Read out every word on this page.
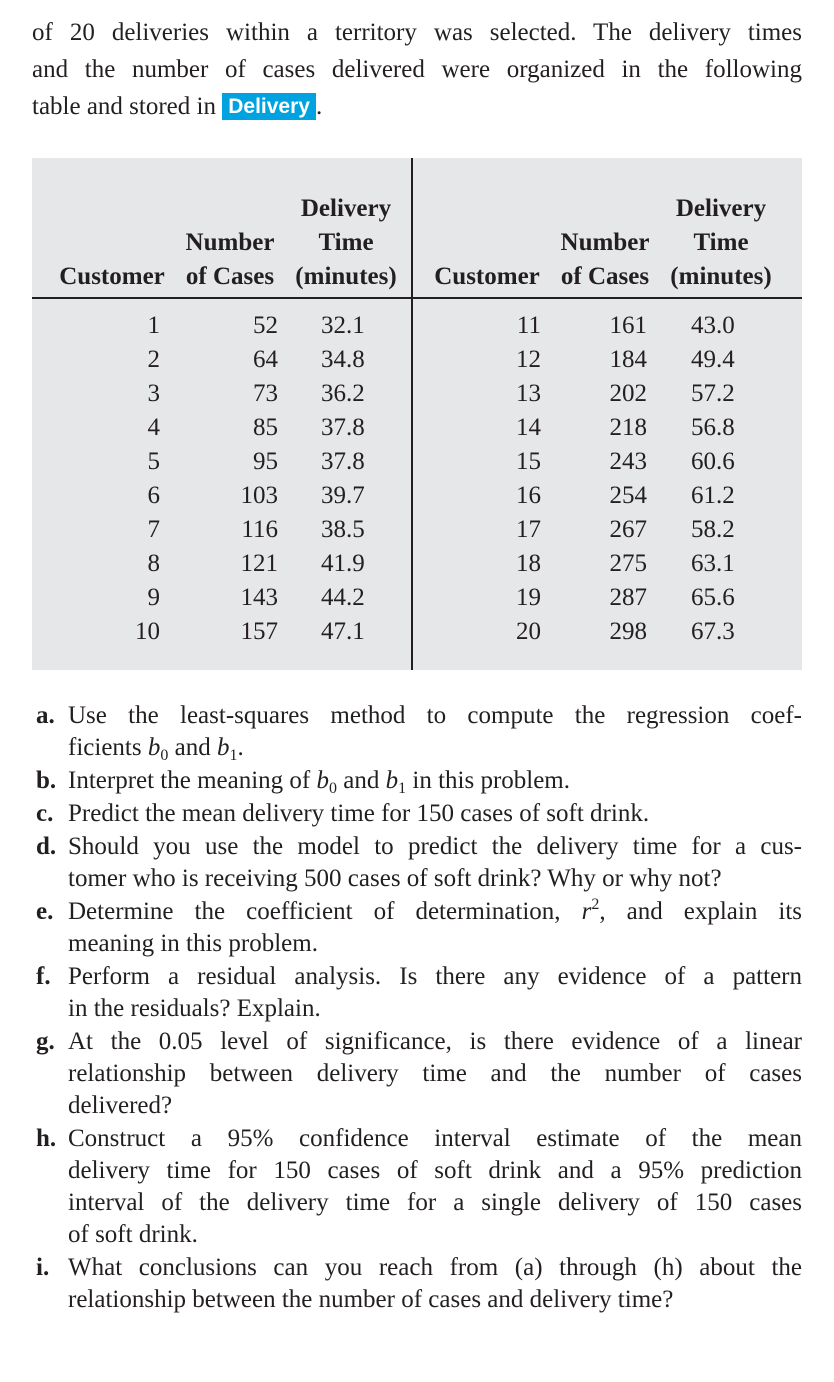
of 20 deliveries within a territory was selected. The delivery times
and the number of cases delivered were organized in the following
table and stored in Delivery .
Customer
Number
of Cases
Delivery
Time
(minutes)
1	52 32.1
2	64 34.8
3	73 36.2
4	85 37.8
5	95 37.8
6	103 39.7
7	116 38.5
8	121 41.9
9	143 44.2
10	157 47.1
Customer
Number
of Cases
Delivery
Time
(minutes)
11	161 43.0
12	184 49.4
13	202 57.2
14	218 56.8
15	243 60.6
16	254 61.2
17	267 58.2
18	275 63.1
19	287 65.6
20	298 67.3
a. Use the least-squares method to compute the regression coef-
ficients $b_0$ and $b_1$.
b. Interpret the meaning of $b_0$ and $b_1$ in this problem.
c. Predict the mean delivery time for 150 cases of soft drink.
d. Should you use the model to predict the delivery time for a cus-
tomer who is receiving 500 cases of soft drink? Why or why not?
e. Determine the coefficient of determination, $r^2$, and explain its
meaning in this problem.
f. Perform a residual analysis. Is there any evidence of a pattern
in the residuals? Explain.
g. At the 0.05 level of significance, is there evidence of a linear
relationship between delivery time and the number of cases
delivered?
h. Construct a 95% confidence interval estimate of the mean
delivery time for 150 cases of soft drink and a 95% prediction
interval of the delivery time for a single delivery of 150 cases
of soft drink.
i. What conclusions can you reach from (a) through (h) about the
relationship between the number of cases and delivery time?
